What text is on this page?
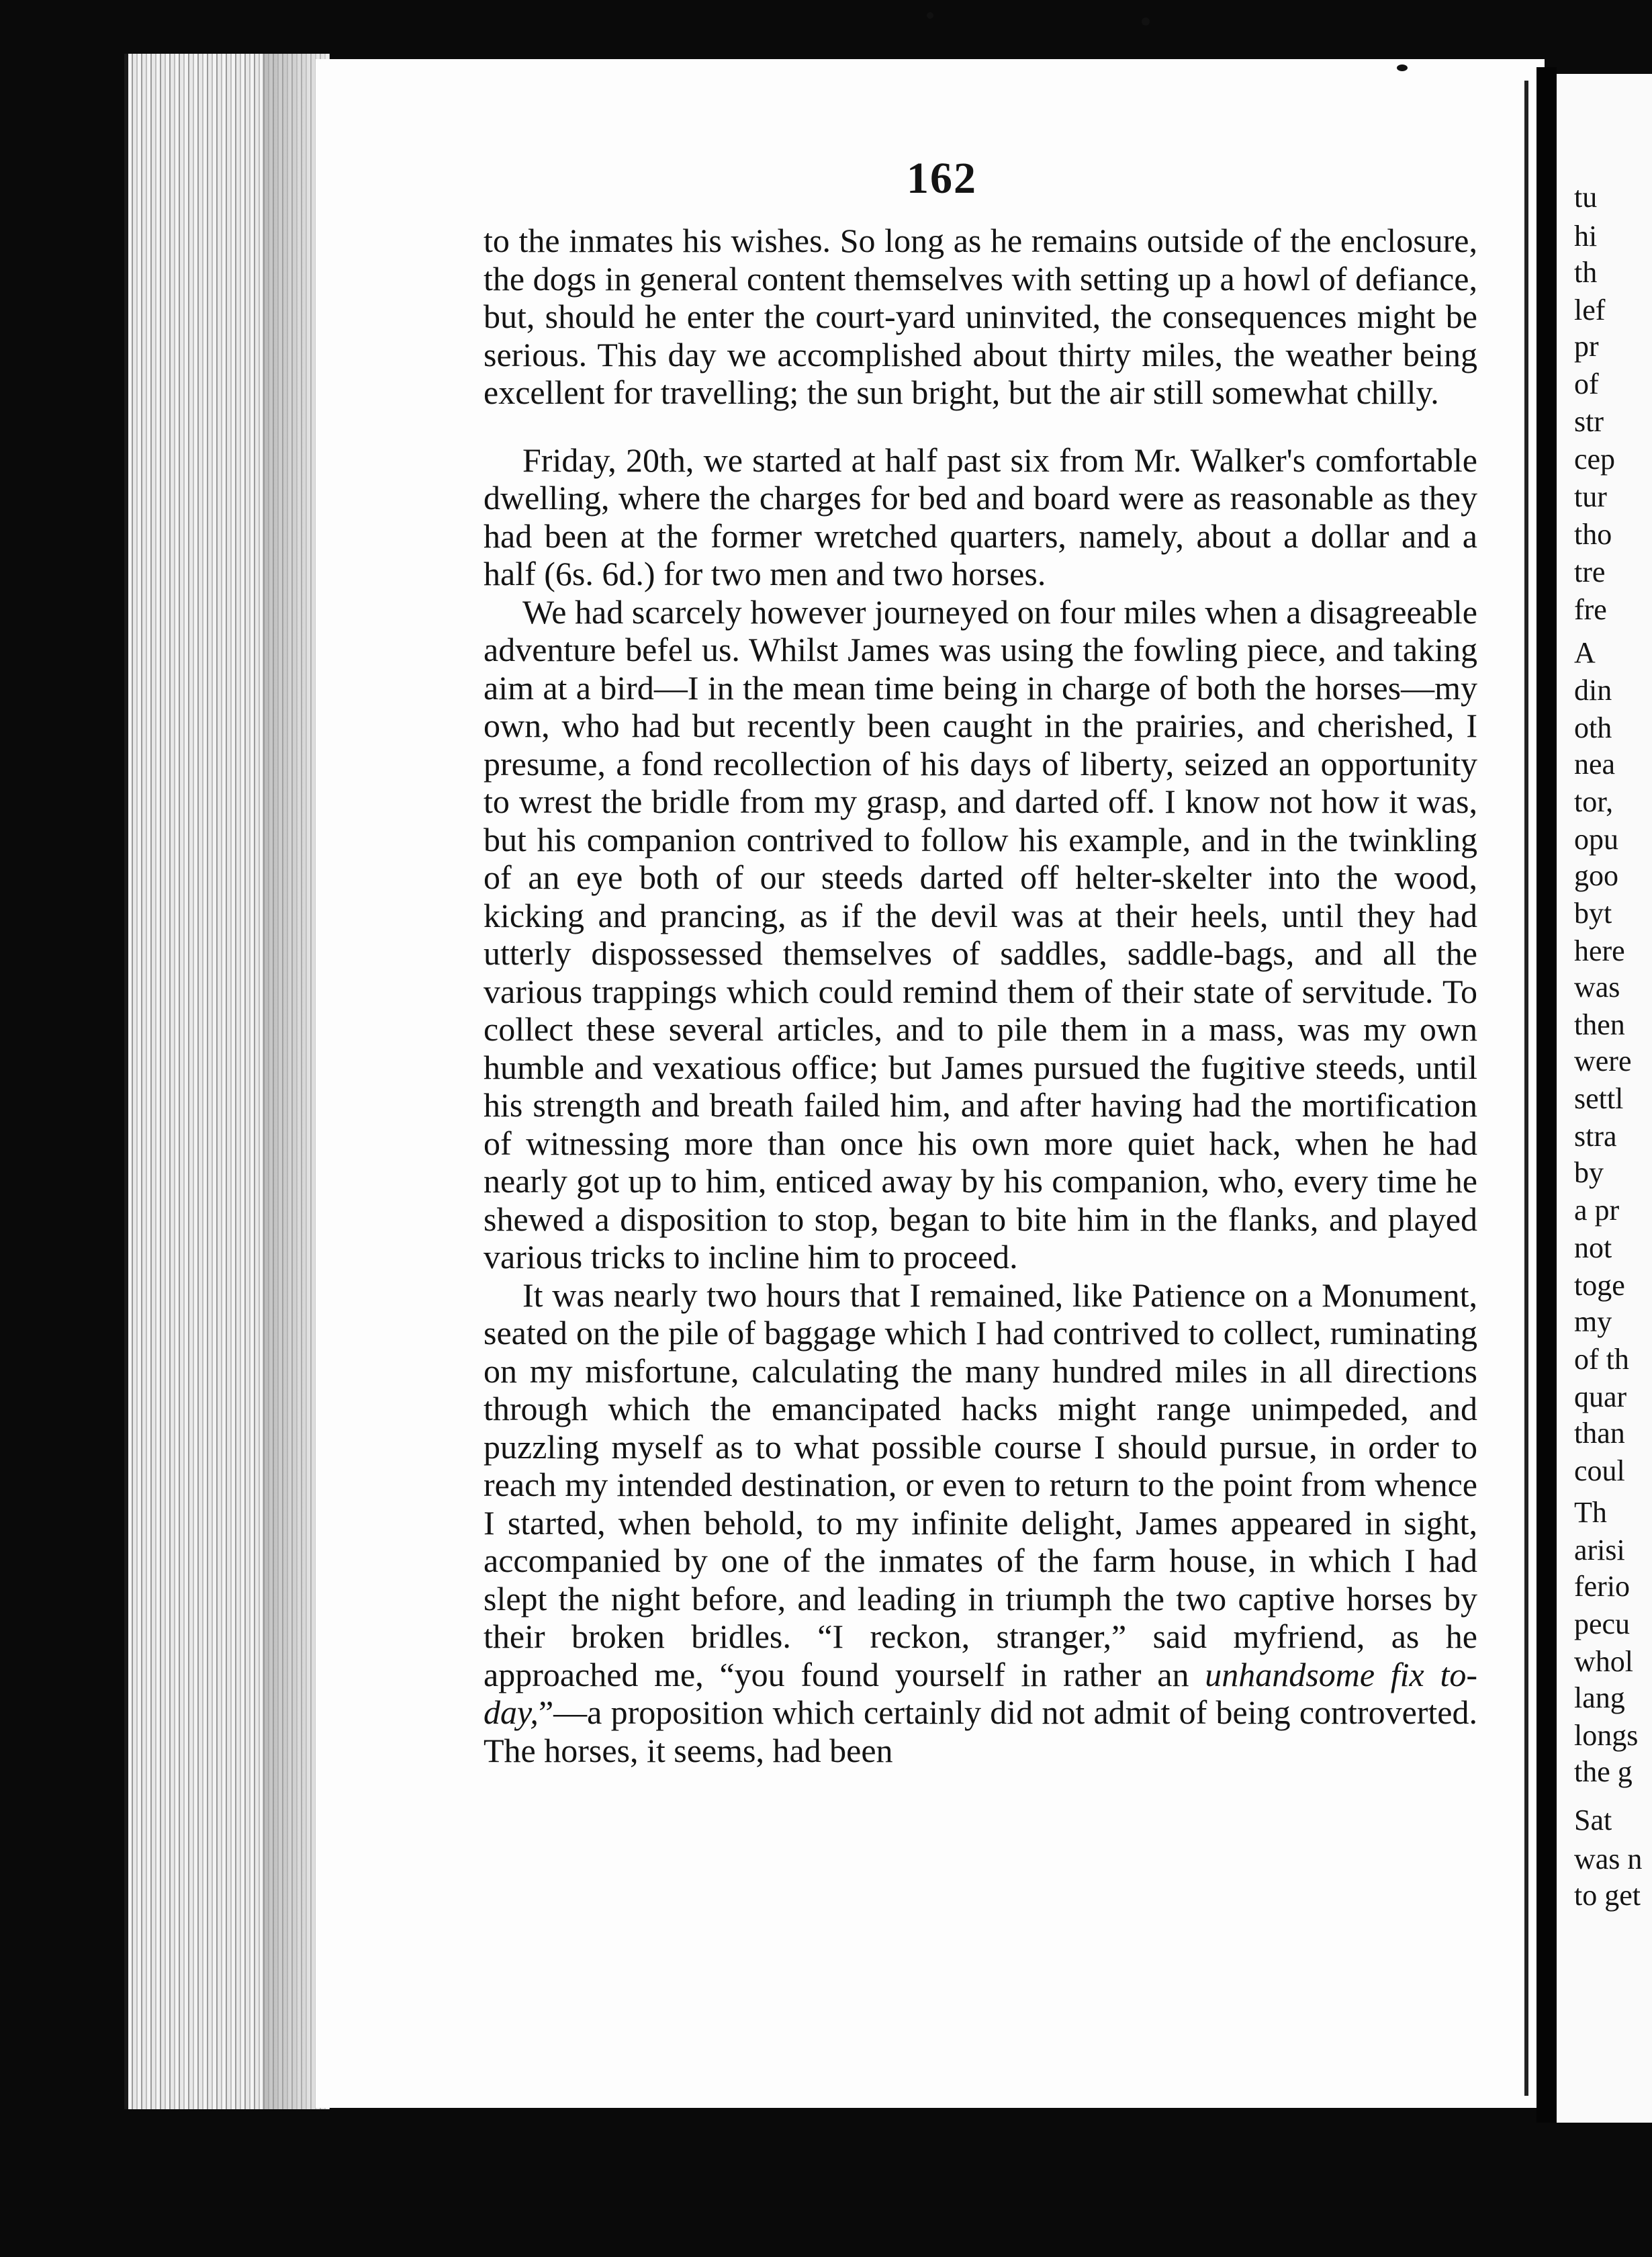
tu
hi
th
lef
pr
of
str
cep
tur
tho
tre
fre
A
din
oth
nea
tor,
opu
goo
byt
here
was
then
were
settl
stra
by
a pr
not
toge
my
of th
quar
than
coul
Th
arisi
ferio
pecu
whol
lang
longs
the g
Sat
was n
to get
162

to the inmates his wishes. So long as he remains outside of the enclosure, the dogs in general content themselves with setting up a howl of defiance, but, should he enter the court-yard uninvited, the consequences might be serious. This day we accomplished about thirty miles, the weather being excellent for travelling; the sun bright, but the air still somewhat chilly.

Friday, 20th, we started at half past six from Mr. Walker's comfortable dwelling, where the charges for bed and board were as reasonable as they had been at the former wretched quarters, namely, about a dollar and a half (6s. 6d.) for two men and two horses.

We had scarcely however journeyed on four miles when a disagreeable adventure befel us. Whilst James was using the fowling piece, and taking aim at a bird—I in the mean time being in charge of both the horses—my own, who had but recently been caught in the prairies, and cherished, I presume, a fond recollection of his days of liberty, seized an opportunity to wrest the bridle from my grasp, and darted off. I know not how it was, but his companion contrived to follow his example, and in the twinkling of an eye both of our steeds darted off helter-skelter into the wood, kicking and prancing, as if the devil was at their heels, until they had utterly dispossessed themselves of saddles, saddle-bags, and all the various trappings which could remind them of their state of servitude. To collect these several articles, and to pile them in a mass, was my own humble and vexatious office; but James pursued the fugitive steeds, until his strength and breath failed him, and after having had the mortification of witnessing more than once his own more quiet hack, when he had nearly got up to him, enticed away by his companion, who, every time he shewed a disposition to stop, began to bite him in the flanks, and played various tricks to incline him to proceed.

It was nearly two hours that I remained, like Patience on a Monument, seated on the pile of baggage which I had contrived to collect, ruminating on my misfortune, calculating the many hundred miles in all directions through which the emancipated hacks might range unimpeded, and puzzling myself as to what possible course I should pursue, in order to reach my intended destination, or even to return to the point from whence I started, when behold, to my infinite delight, James appeared in sight, accompanied by one of the inmates of the farm house, in which I had slept the night before, and leading in triumph the two captive horses by their broken bridles. “I reckon, stranger,” said myfriend, as he approached me, “you found yourself in rather an unhandsome fix to-day,”—a proposition which certainly did not admit of being controverted. The horses, it seems, had been
